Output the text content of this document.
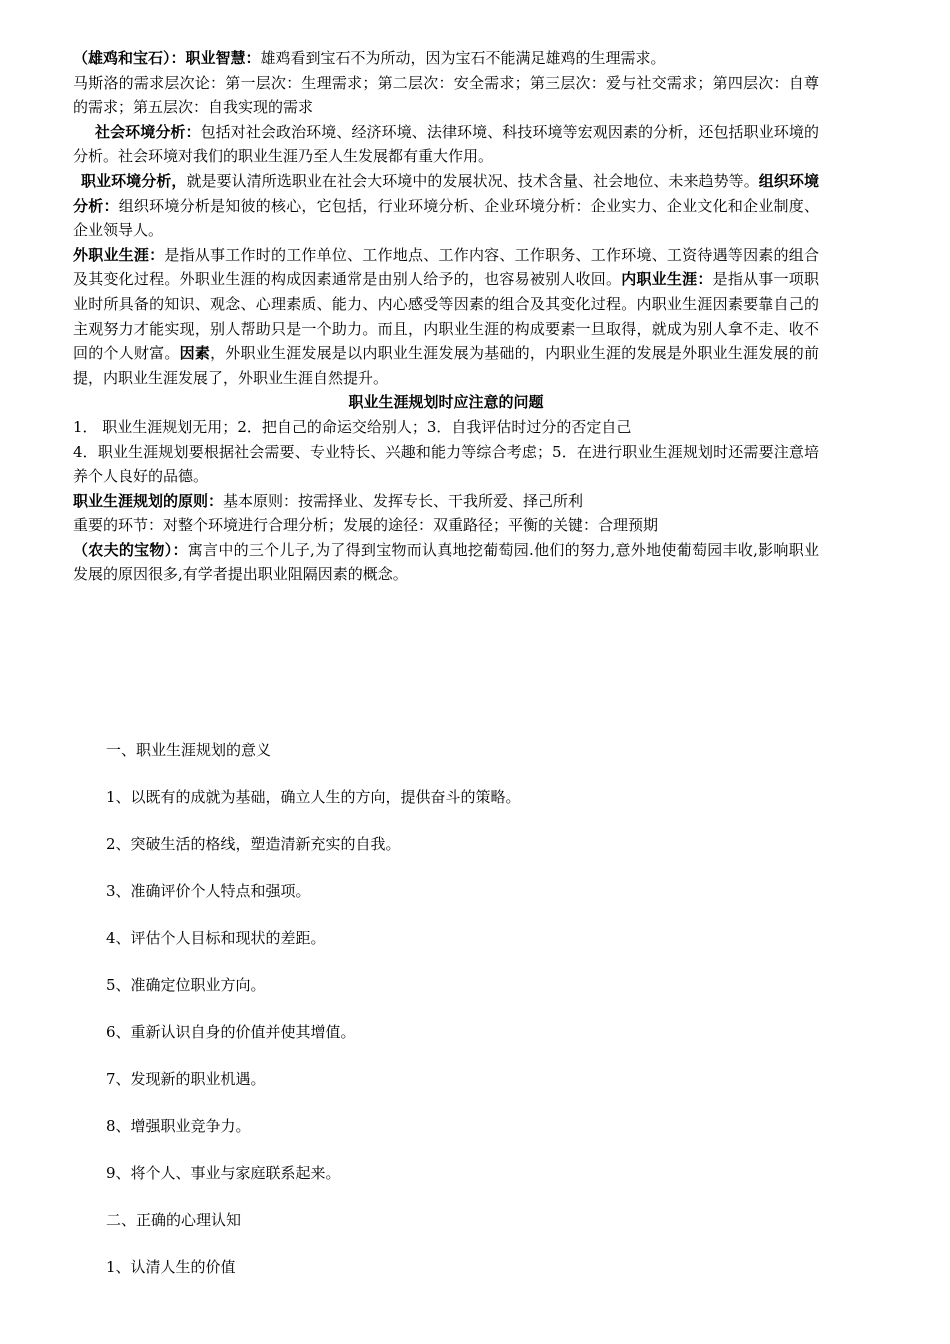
（雄鸡和宝石）：职业智慧：雄鸡看到宝石不为所动，因为宝石不能满足雄鸡的生理需求。

马斯洛的需求层次论：第一层次：生理需求；第二层次：安全需求；第三层次：爱与社交需求；第四层次：自尊的需求；第五层次：自我实现的需求

社会环境分析：包括对社会政治环境、经济环境、法律环境、科技环境等宏观因素的分析，还包括职业环境的分析。社会环境对我们的职业生涯乃至人生发展都有重大作用。

职业环境分析，就是要认清所选职业在社会大环境中的发展状况、技术含量、社会地位、未来趋势等。组织环境分析：组织环境分析是知彼的核心，它包括，行业环境分析、企业环境分析：企业实力、企业文化和企业制度、企业领导人。

外职业生涯：是指从事工作时的工作单位、工作地点、工作内容、工作职务、工作环境、工资待遇等因素的组合及其变化过程。外职业生涯的构成因素通常是由别人给予的，也容易被别人收回。内职业生涯：是指从事一项职业时所具备的知识、观念、心理素质、能力、内心感受等因素的组合及其变化过程。内职业生涯因素要靠自己的主观努力才能实现，别人帮助只是一个助力。而且，内职业生涯的构成要素一旦取得，就成为别人拿不走、收不回的个人财富。因素，外职业生涯发展是以内职业生涯发展为基础的，内职业生涯的发展是外职业生涯发展的前提，内职业生涯发展了，外职业生涯自然提升。

职业生涯规划时应注意的问题

1． 职业生涯规划无用；2．把自己的命运交给别人；3．自我评估时过分的否定自己

4．职业生涯规划要根据社会需要、专业特长、兴趣和能力等综合考虑；5．在进行职业生涯规划时还需要注意培养个人良好的品德。

职业生涯规划的原则：基本原则：按需择业、发挥专长、干我所爱、择己所利

重要的环节：对整个环境进行合理分析；发展的途径：双重路径；平衡的关键：合理预期

（农夫的宝物）：寓言中的三个儿子,为了得到宝物而认真地挖葡萄园.他们的努力,意外地使葡萄园丰收,影响职业发展的原因很多,有学者提出职业阻隔因素的概念。

一、职业生涯规划的意义

1、以既有的成就为基础，确立人生的方向，提供奋斗的策略。

2、突破生活的格线，塑造清新充实的自我。

3、准确评价个人特点和强项。

4、评估个人目标和现状的差距。

5、准确定位职业方向。

6、重新认识自身的价值并使其增值。

7、发现新的职业机遇。

8、增强职业竞争力。

9、将个人、事业与家庭联系起来。

二、正确的心理认知

1、认清人生的价值
